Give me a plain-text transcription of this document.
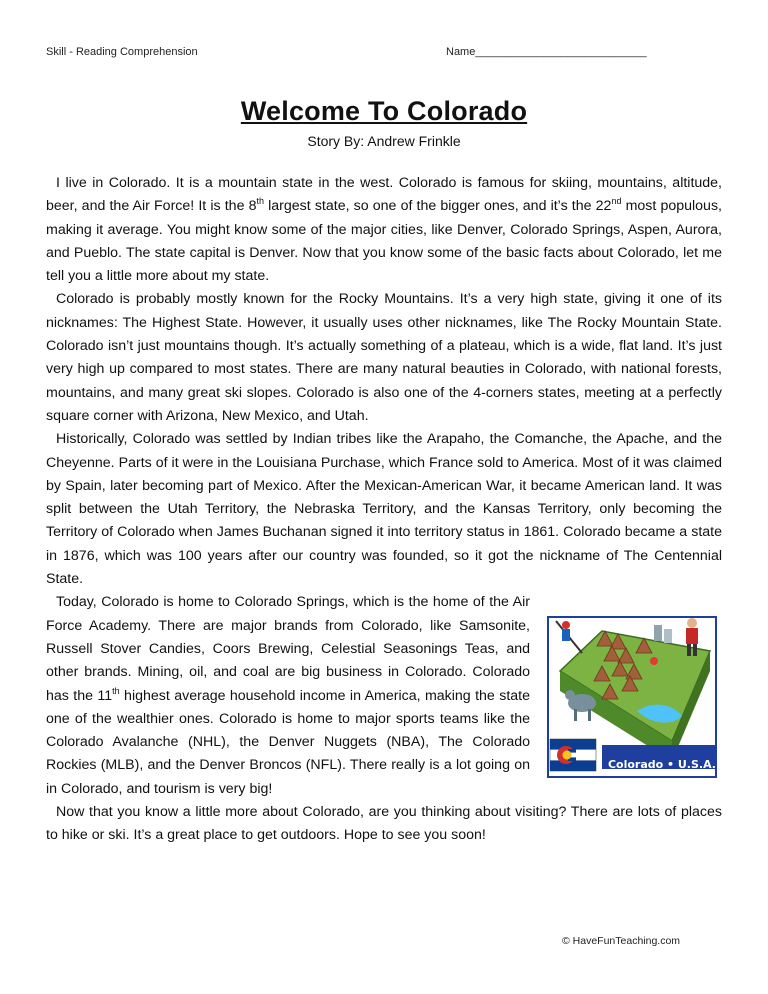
Skill - Reading Comprehension	Name____________________________
Welcome To Colorado
Story By: Andrew Frinkle

I live in Colorado. It is a mountain state in the west. Colorado is famous for skiing, mountains, altitude, beer, and the Air Force! It is the 8th largest state, so one of the bigger ones, and it’s the 22nd most populous, making it average. You might know some of the major cities, like Denver, Colorado Springs, Aspen, Aurora, and Pueblo. The state capital is Denver. Now that you know some of the basic facts about Colorado, let me tell you a little more about my state.

Colorado is probably mostly known for the Rocky Mountains. It’s a very high state, giving it one of its nicknames: The Highest State. However, it usually uses other nicknames, like The Rocky Mountain State. Colorado isn’t just mountains though. It’s actually something of a plateau, which is a wide, flat land. It’s just very high up compared to most states. There are many natural beauties in Colorado, with national forests, mountains, and many great ski slopes. Colorado is also one of the 4-corners states, meeting at a perfectly square corner with Arizona, New Mexico, and Utah.

Historically, Colorado was settled by Indian tribes like the Arapaho, the Comanche, the Apache, and the Cheyenne. Parts of it were in the Louisiana Purchase, which France sold to America. Most of it was claimed by Spain, later becoming part of Mexico. After the Mexican-American War, it became American land. It was split between the Utah Territory, the Nebraska Territory, and the Kansas Territory, only becoming the Territory of Colorado when James Buchanan signed it into territory status in 1861. Colorado became a state in 1876, which was 100 years after our country was founded, so it got the nickname of The Centennial State.

Colorado • U.S.A.

Today, Colorado is home to Colorado Springs, which is the home of the Air Force Academy. There are major brands from Colorado, like Samsonite, Russell Stover Candies, Coors Brewing, Celestial Seasonings Teas, and other brands. Mining, oil, and coal are big business in Colorado. Colorado has the 11th highest average household income in America, making the state one of the wealthier ones. Colorado is home to major sports teams like the Colorado Avalanche (NHL), the Denver Nuggets (NBA), The Colorado Rockies (MLB), and the Denver Broncos (NFL). There really is a lot going on in Colorado, and tourism is very big!

Now that you know a little more about Colorado, are you thinking about visiting? There are lots of places to hike or ski. It’s a great place to get outdoors. Hope to see you soon!

© HaveFunTeaching.com
